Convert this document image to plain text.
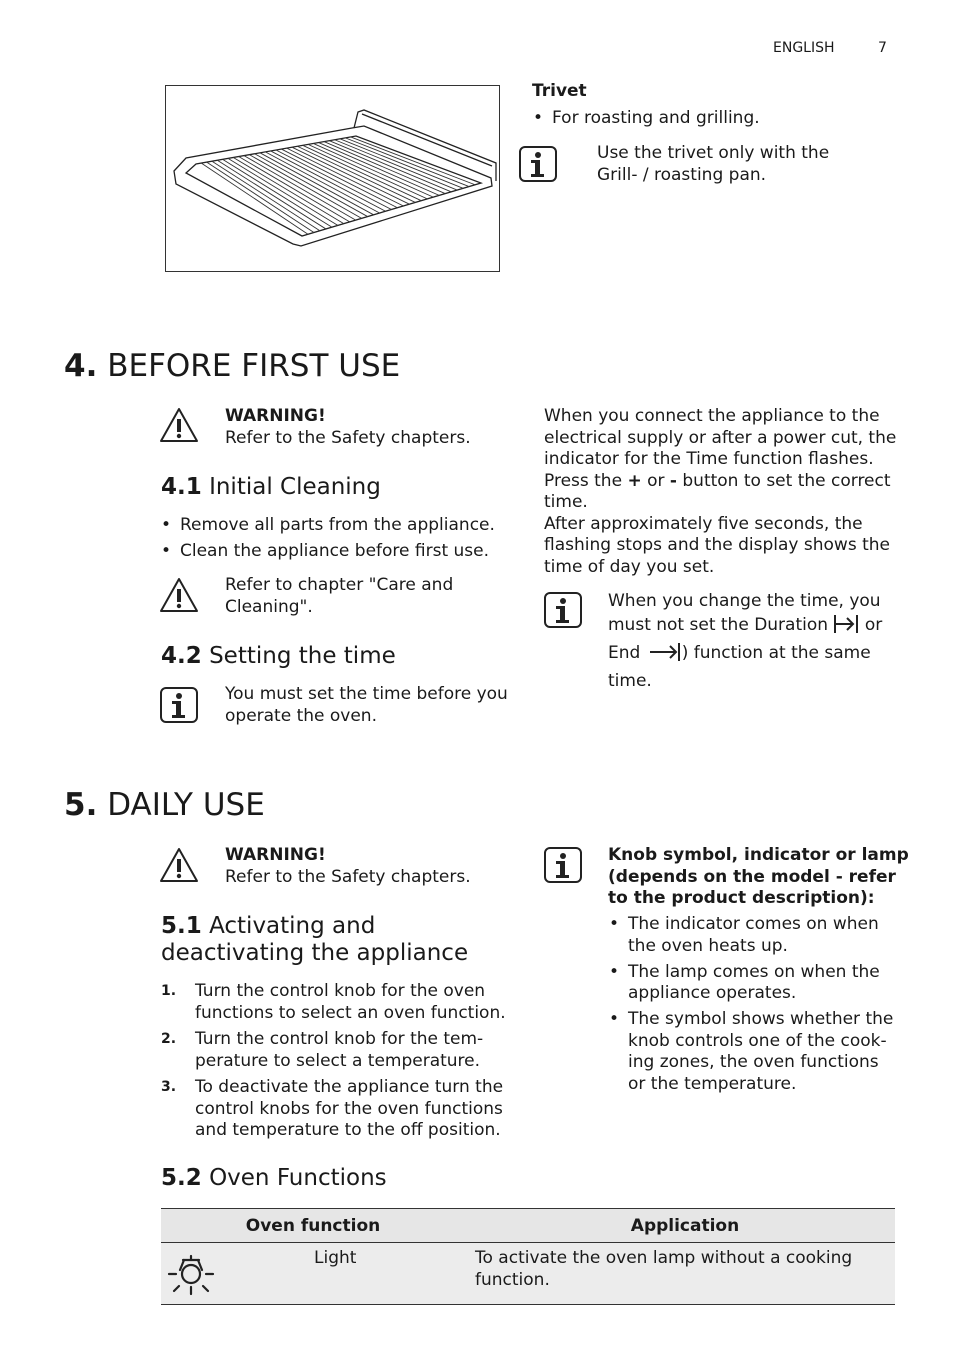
ENGLISH	7
Trivet
• For roasting and grilling.
Use the trivet only with the
Grill- / roasting pan.
4. BEFORE FIRST USE
WARNING!
Refer to the Safety chapters.
4.1 Initial Cleaning
• Remove all parts from the appliance.
• Clean the appliance before first use.
Refer to chapter "Care and
Cleaning".
4.2 Setting the time
You must set the time before you
operate the oven.
When you connect the appliance to the
electrical supply or after a power cut, the
indicator for the Time function flashes.
Press the + or - button to set the correct
time.
After approximately five seconds, the
flashing stops and the display shows the
time of day you set.
When you change the time, you
must not set the Duration  or
End ) function at the same
time.
5. DAILY USE
WARNING!
Refer to the Safety chapters.
5.1 Activating and
deactivating the appliance
1. Turn the control knob for the oven
functions to select an oven function.
2. Turn the control knob for the tem-
perature to select a temperature.
3. To deactivate the appliance turn the
control knobs for the oven functions
and temperature to the off position.
Knob symbol, indicator or lamp
(depends on the model - refer
to the product description):
• The indicator comes on when
the oven heats up.
• The lamp comes on when the
appliance operates.
• The symbol shows whether the
knob controls one of the cook-
ing zones, the oven functions
or the temperature.
5.2 Oven Functions
Oven function		Application
	Light	To activate the oven lamp without a cooking
function.
